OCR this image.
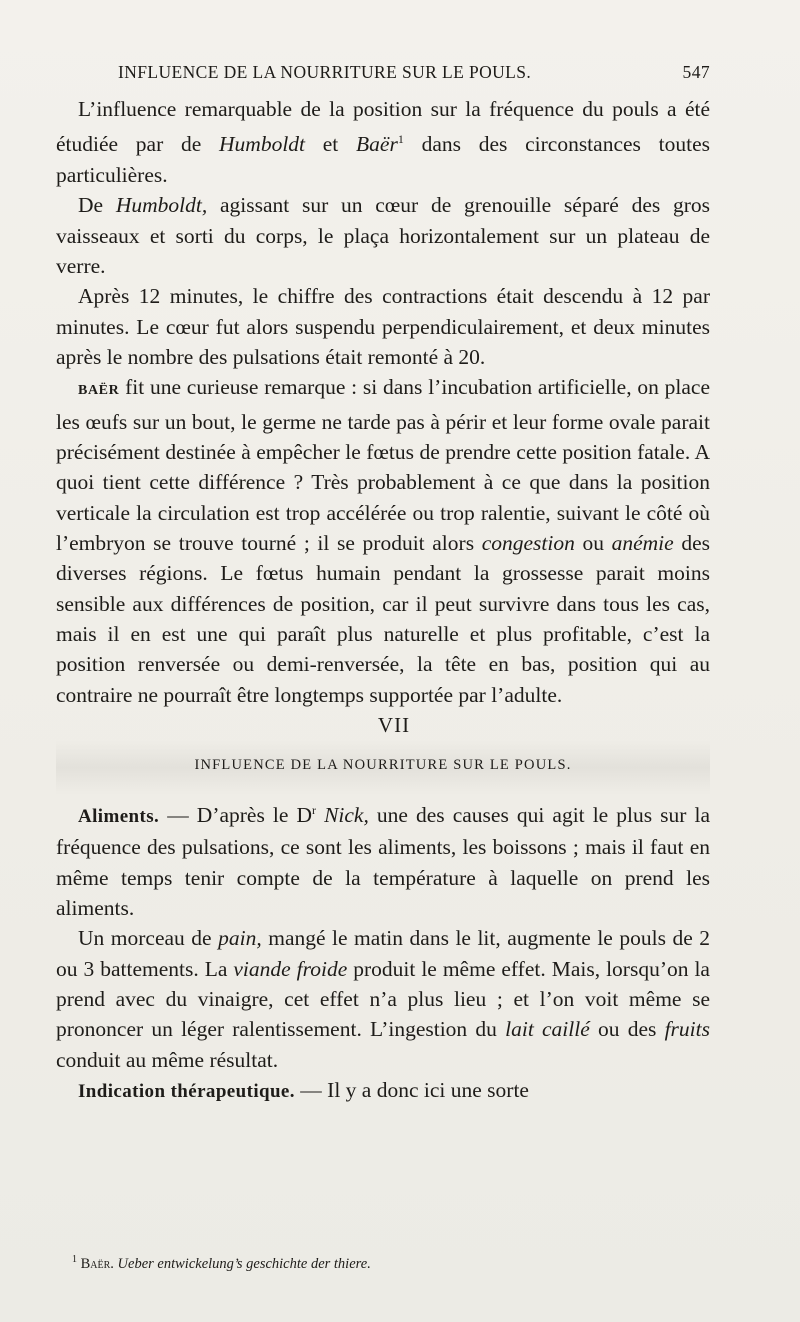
INFLUENCE DE LA NOURRITURE SUR LE POULS.	547

L’influence remarquable de la position sur la fréquence du pouls a été étudiée par de Humboldt et Baër$^1$ dans des circonstances toutes particulières.

De Humboldt, agissant sur un cœur de grenouille séparé des gros vaisseaux et sorti du corps, le plaça horizontalement sur un plateau de verre.

Après 12 minutes, le chiffre des contractions était descendu à 12 par minutes. Le cœur fut alors suspendu perpendiculairement, et deux minutes après le nombre des pulsations était remonté à 20.

BAËR fit une curieuse remarque : si dans l’incubation artificielle, on place les œufs sur un bout, le germe ne tarde pas à périr et leur forme ovale parait précisément destinée à empêcher le fœtus de prendre cette position fatale. A quoi tient cette différence ? Très probablement à ce que dans la position verticale la circulation est trop accélérée ou trop ralentie, suivant le côté où l’embryon se trouve tourné ; il se produit alors congestion ou anémie des diverses régions. Le fœtus humain pendant la grossesse parait moins sensible aux différences de position, car il peut survivre dans tous les cas, mais il en est une qui paraît plus naturelle et plus profitable, c’est la position renversée ou demi-renversée, la tête en bas, position qui au contraire ne pourraît être longtemps supportée par l’adulte.

VII

INFLUENCE DE LA NOURRITURE SUR LE POULS.

Aliments. — D’après le $D^r$ Nick, une des causes qui agit le plus sur la fréquence des pulsations, ce sont les aliments, les boissons ; mais il faut en même temps tenir compte de la température à laquelle on prend les aliments.

Un morceau de pain, mangé le matin dans le lit, augmente le pouls de 2 ou 3 battements. La viande froide produit le même effet. Mais, lorsqu’on la prend avec du vinaigre, cet effet n’a plus lieu ; et l’on voit même se prononcer un léger ralentissement. L’ingestion du lait caillé ou des fruits conduit au même résultat.

Indication thérapeutique. — Il y a donc ici une sorte

$^1$ Baër. Ueber entwickelung’s geschichte der thiere.
